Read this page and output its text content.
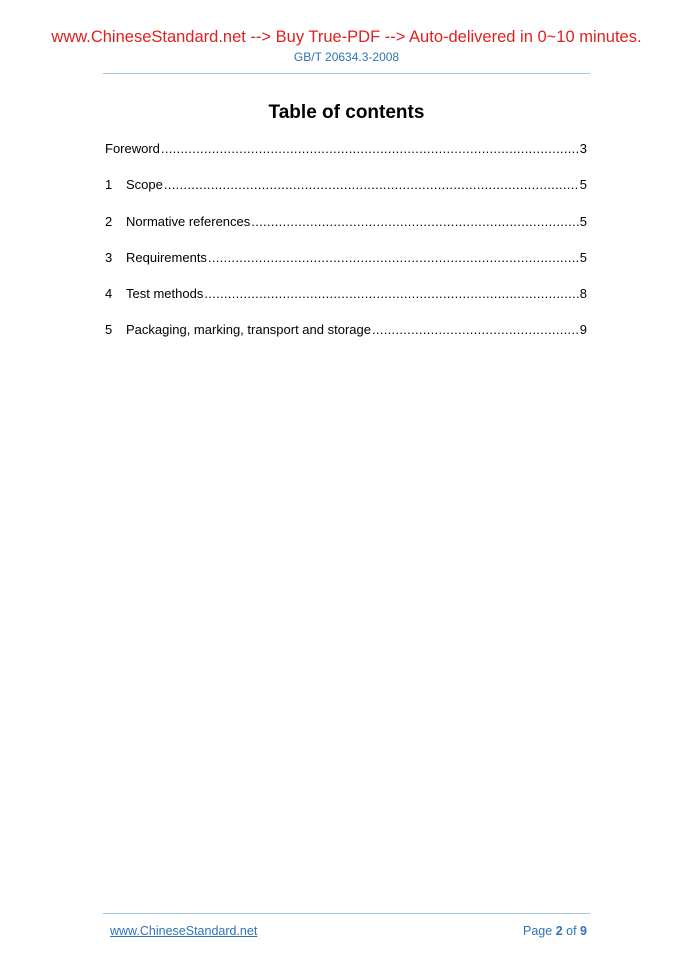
www.ChineseStandard.net --> Buy True-PDF --> Auto-delivered in 0~10 minutes.
GB/T 20634.3-2008
Table of contents
Foreword .....	3
1	Scope .....	5
2	Normative references .....	5
3	Requirements .....	5
4	Test methods .....	8
5	Packaging, marking, transport and storage .....	9
www.ChineseStandard.net	Page 2 of 9
